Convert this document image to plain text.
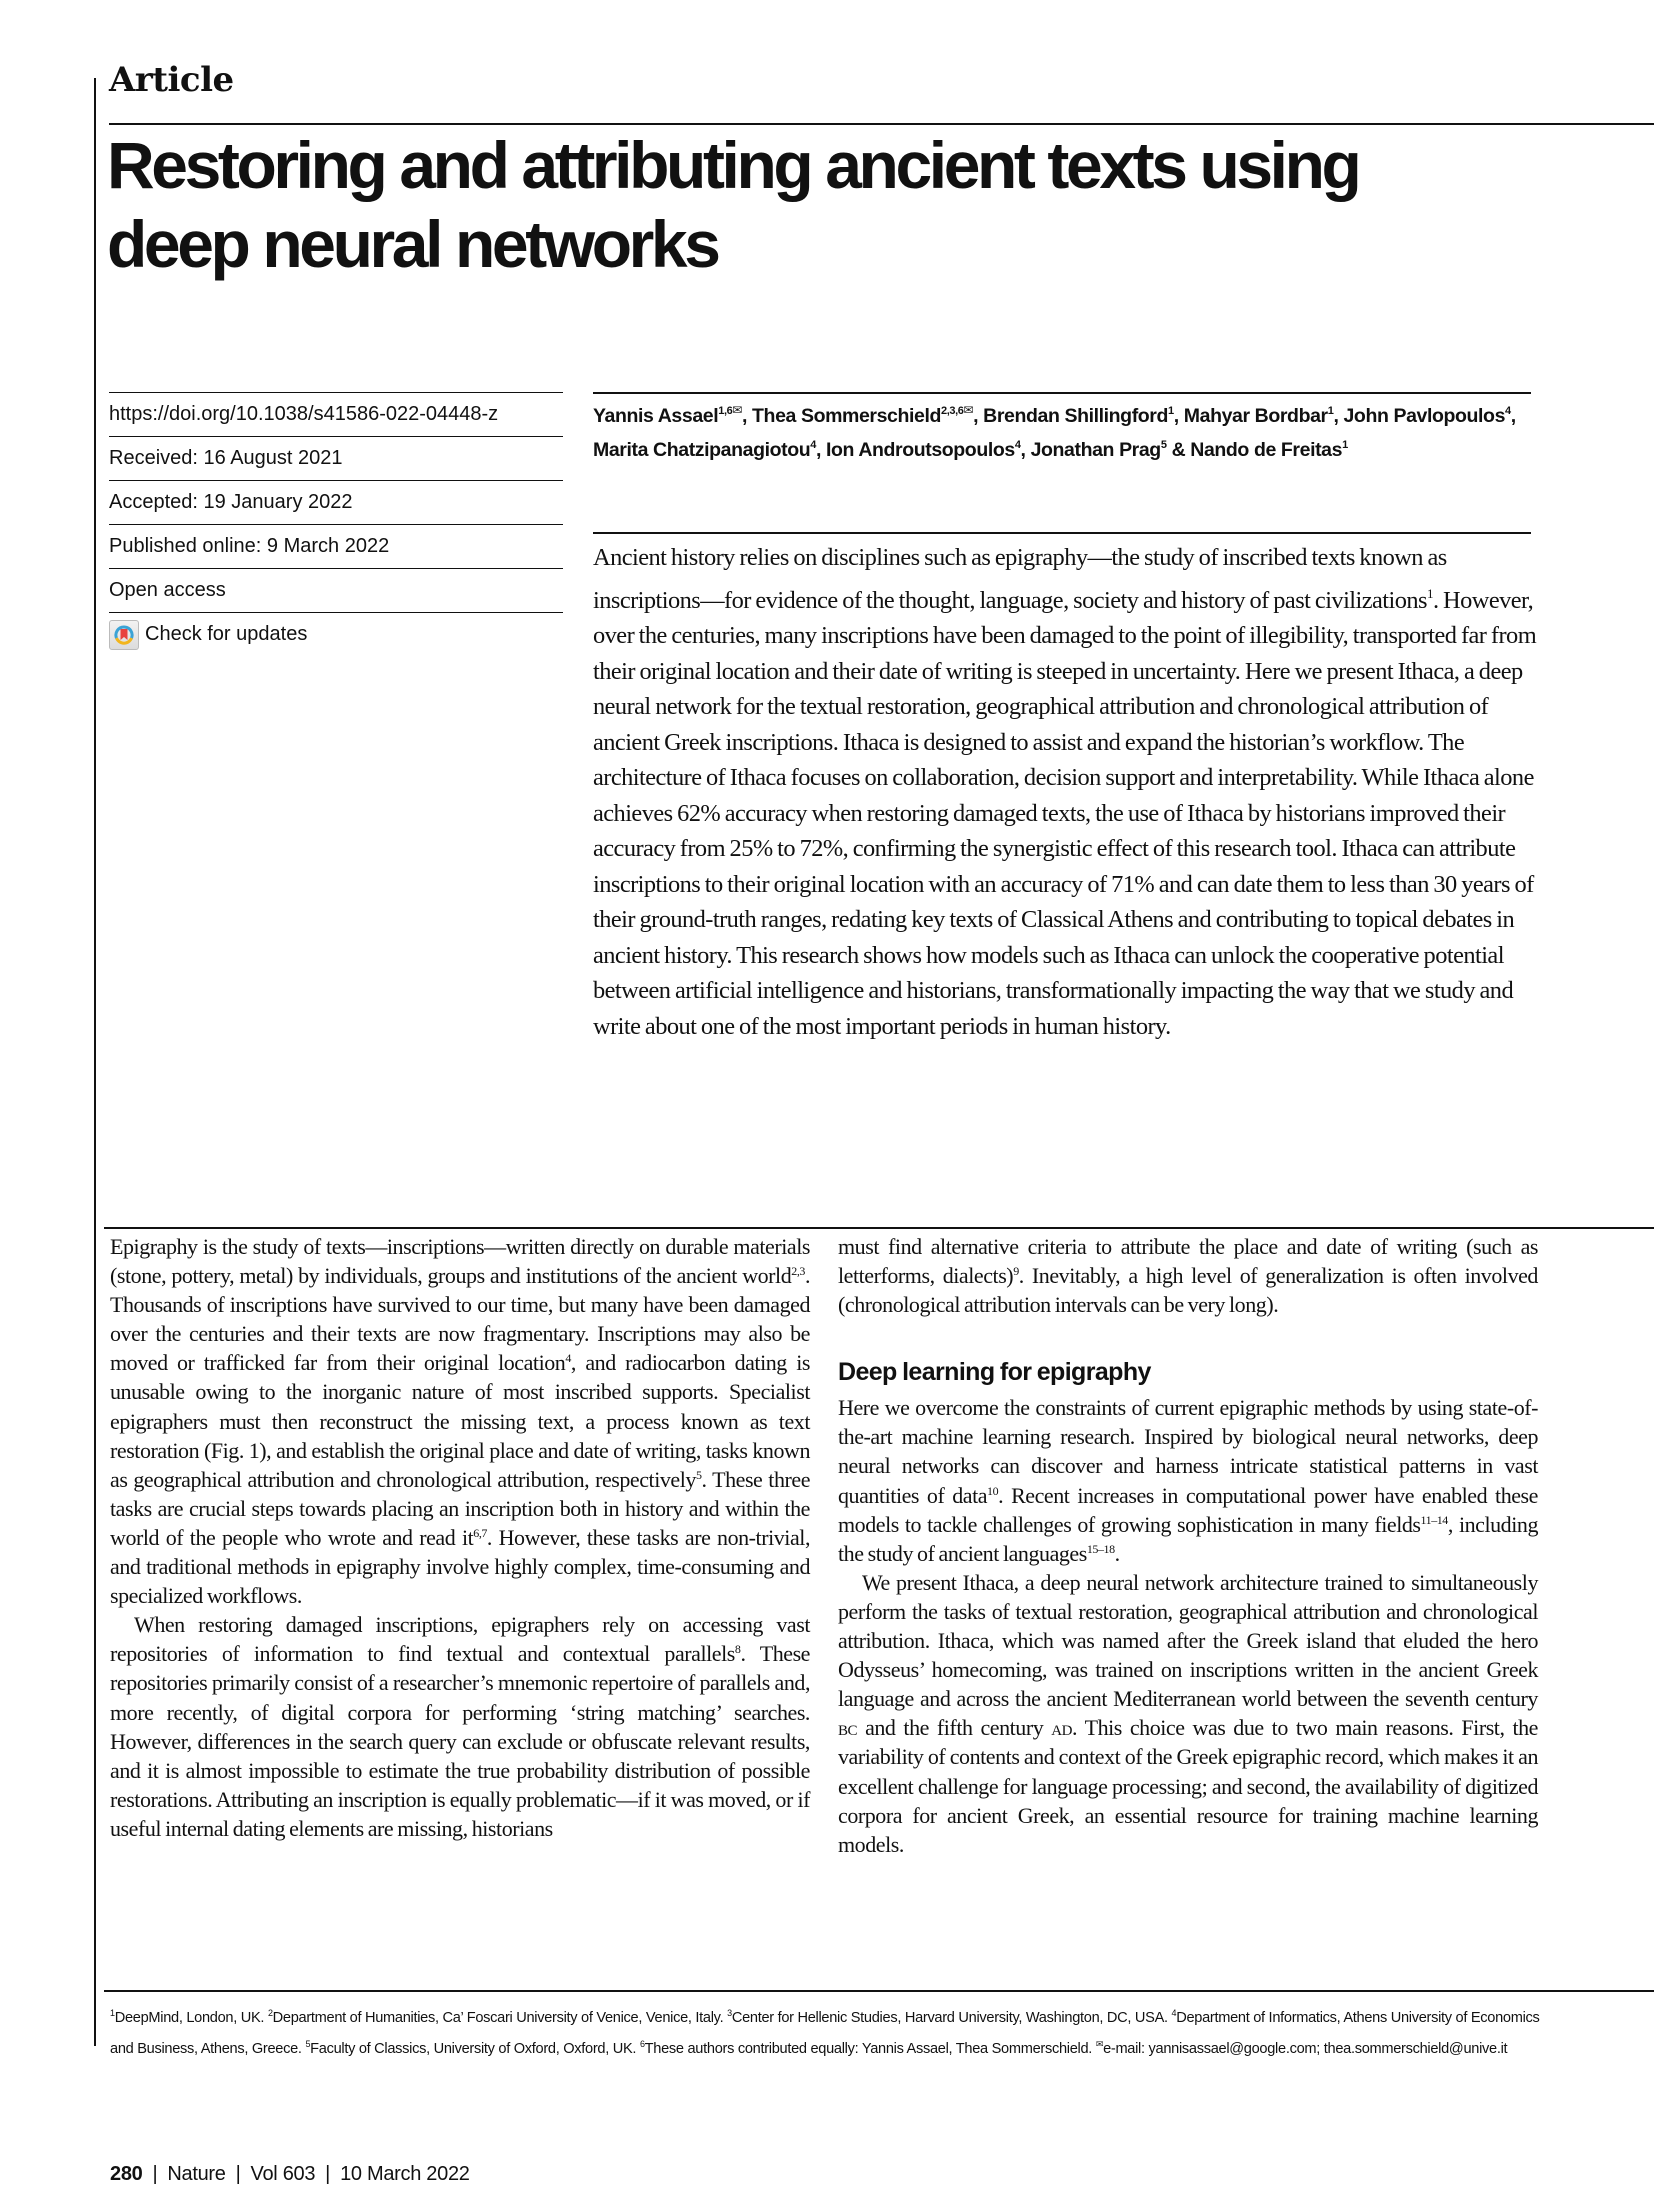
Article
Restoring and attributing ancient texts using deep neural networks
https://doi.org/10.1038/s41586-022-04448-z
Received: 16 August 2021
Accepted: 19 January 2022
Published online: 9 March 2022
Open access
Check for updates
Yannis Assael$^{1,6✉}$, Thea Sommerschield$^{2,3,6✉}$, Brendan Shillingford$^1$, Mahyar Bordbar$^1$, John Pavlopoulos$^4$, Marita Chatzipanagiotou$^4$, Ion Androutsopoulos$^4$, Jonathan Prag$^5$ & Nando de Freitas$^1$
Ancient history relies on disciplines such as epigraphy—the study of inscribed texts known as inscriptions—for evidence of the thought, language, society and history of past civilizations$^1$. However, over the centuries, many inscriptions have been damaged to the point of illegibility, transported far from their original location and their date of writing is steeped in uncertainty. Here we present Ithaca, a deep neural network for the textual restoration, geographical attribution and chronological attribution of ancient Greek inscriptions. Ithaca is designed to assist and expand the historian’s workflow. The architecture of Ithaca focuses on collaboration, decision support and interpretability. While Ithaca alone achieves 62% accuracy when restoring damaged texts, the use of Ithaca by historians improved their accuracy from 25% to 72%, confirming the synergistic effect of this research tool. Ithaca can attribute inscriptions to their original location with an accuracy of 71% and can date them to less than 30 years of their ground-truth ranges, redating key texts of Classical Athens and contributing to topical debates in ancient history. This research shows how models such as Ithaca can unlock the cooperative potential between artificial intelligence and historians, transformationally impacting the way that we study and write about one of the most important periods in human history.

Epigraphy is the study of texts—inscriptions—written directly on durable materials (stone, pottery, metal) by individuals, groups and institutions of the ancient world$^{2,3}$. Thousands of inscriptions have survived to our time, but many have been damaged over the centuries and their texts are now fragmentary. Inscriptions may also be moved or trafficked far from their original location$^4$, and radiocarbon dating is unusable owing to the inorganic nature of most inscribed supports. Specialist epigraphers must then reconstruct the missing text, a process known as text restoration (Fig. 1), and establish the original place and date of writing, tasks known as geographical attribution and chronological attribution, respectively$^5$. These three tasks are crucial steps towards placing an inscription both in history and within the world of the people who wrote and read it$^{6,7}$. However, these tasks are non-trivial, and traditional methods in epigraphy involve highly complex, time-consuming and specialized workflows.

When restoring damaged inscriptions, epigraphers rely on accessing vast repositories of information to find textual and contextual parallels$^8$. These repositories primarily consist of a researcher’s mnemonic repertoire of parallels and, more recently, of digital corpora for performing ‘string matching’ searches. However, differences in the search query can exclude or obfuscate relevant results, and it is almost impossible to estimate the true probability distribution of possible restorations. Attributing an inscription is equally problematic—if it was moved, or if useful internal dating elements are missing, historians

must find alternative criteria to attribute the place and date of writing (such as letterforms, dialects)$^9$. Inevitably, a high level of generalization is often involved (chronological attribution intervals can be very long).

Deep learning for epigraphy

Here we overcome the constraints of current epigraphic methods by using state-of-the-art machine learning research. Inspired by biological neural networks, deep neural networks can discover and harness intricate statistical patterns in vast quantities of data$^{10}$. Recent increases in computational power have enabled these models to tackle challenges of growing sophistication in many fields$^{11-14}$, including the study of ancient languages$^{15-18}$.

We present Ithaca, a deep neural network architecture trained to simultaneously perform the tasks of textual restoration, geographical attribution and chronological attribution. Ithaca, which was named after the Greek island that eluded the hero Odysseus’ homecoming, was trained on inscriptions written in the ancient Greek language and across the ancient Mediterranean world between the seventh century bc and the fifth century ad. This choice was due to two main reasons. First, the variability of contents and context of the Greek epigraphic record, which makes it an excellent challenge for language processing; and second, the availability of digitized corpora for ancient Greek, an essential resource for training machine learning models.

$^1$DeepMind, London, UK. $^2$Department of Humanities, Ca’ Foscari University of Venice, Venice, Italy. $^3$Center for Hellenic Studies, Harvard University, Washington, DC, USA. $^4$Department of Informatics, Athens University of Economics and Business, Athens, Greece. $^5$Faculty of Classics, University of Oxford, Oxford, UK. $^6$These authors contributed equally: Yannis Assael, Thea Sommerschield. ✉e-mail: yannisassael@google.com; thea.sommerschield@unive.it
280 | Nature | Vol 603 | 10 March 2022
